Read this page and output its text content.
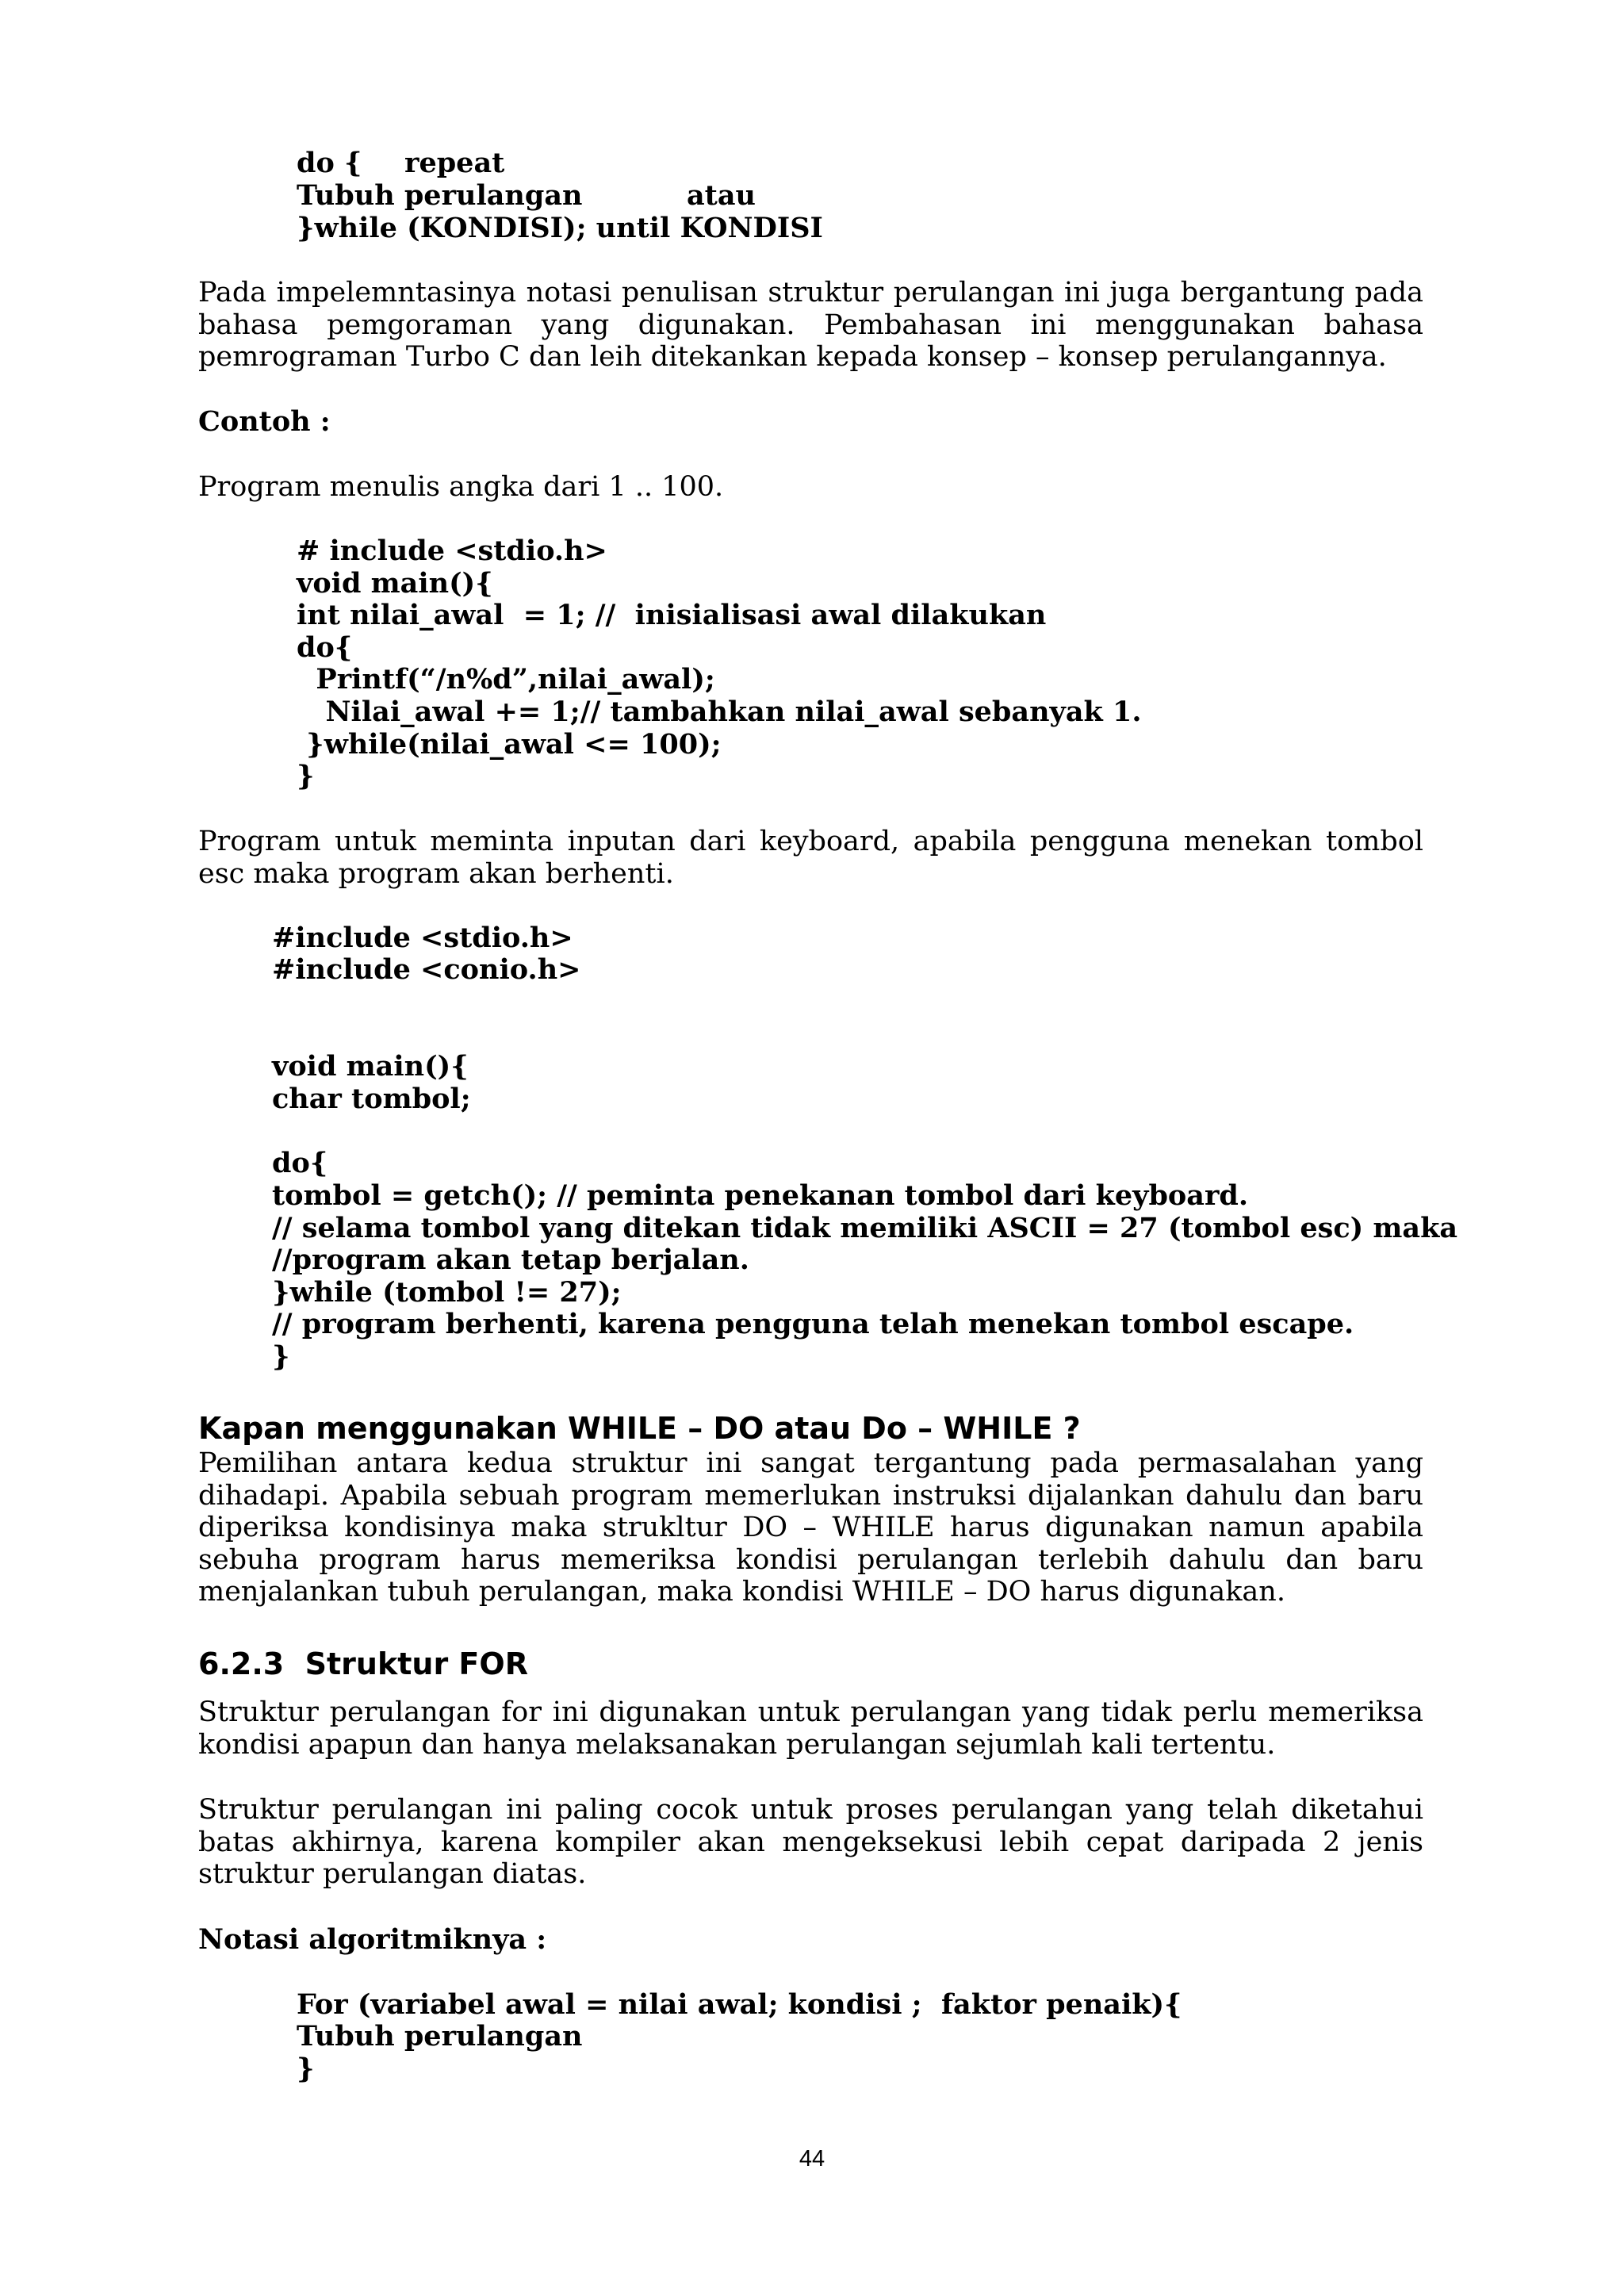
do { repeat
Tubuh perulangan	atau
}while (KONDISI); until KONDISI
Pada impelemntasinya notasi penulisan struktur perulangan ini juga bergantung pada bahasa pemgoraman yang digunakan. Pembahasan ini menggunakan bahasa pemrograman Turbo C dan leih ditekankan kepada konsep – konsep perulangannya.
Contoh :
Program menulis angka dari 1 .. 100.
# include <stdio.h>
void main(){
int nilai_awal  = 1; //  inisialisasi awal dilakukan
do{
Printf(“/n%d”,nilai_awal);
Nilai_awal += 1;// tambahkan nilai_awal sebanyak 1.
}while(nilai_awal <= 100);
}
Program untuk meminta inputan dari keyboard, apabila pengguna menekan tombol esc maka program akan berhenti.
#include <stdio.h>
#include <conio.h>
void main(){
char tombol;
do{
tombol = getch(); // peminta penekanan tombol dari keyboard.
// selama tombol yang ditekan tidak memiliki ASCII = 27 (tombol esc) maka
//program akan tetap berjalan.
}while (tombol != 27);
// program berhenti, karena pengguna telah menekan tombol escape.
}
Kapan menggunakan WHILE – DO atau Do – WHILE ?
Pemilihan antara kedua struktur ini sangat tergantung pada permasalahan yang dihadapi. Apabila sebuah program memerlukan instruksi dijalankan dahulu dan baru diperiksa kondisinya maka strukltur DO – WHILE harus digunakan namun apabila sebuha program harus memeriksa kondisi perulangan terlebih dahulu dan baru menjalankan tubuh perulangan, maka kondisi WHILE – DO harus digunakan.
6.2.3  Struktur FOR
Struktur perulangan for ini digunakan untuk perulangan yang tidak perlu memeriksa kondisi apapun dan hanya melaksanakan perulangan sejumlah kali tertentu.
Struktur perulangan ini paling cocok untuk proses perulangan yang telah diketahui batas akhirnya, karena kompiler akan mengeksekusi lebih cepat daripada 2 jenis struktur perulangan diatas.
Notasi algoritmiknya :
For (variabel awal = nilai awal; kondisi ;  faktor penaik){
Tubuh perulangan
}
44
